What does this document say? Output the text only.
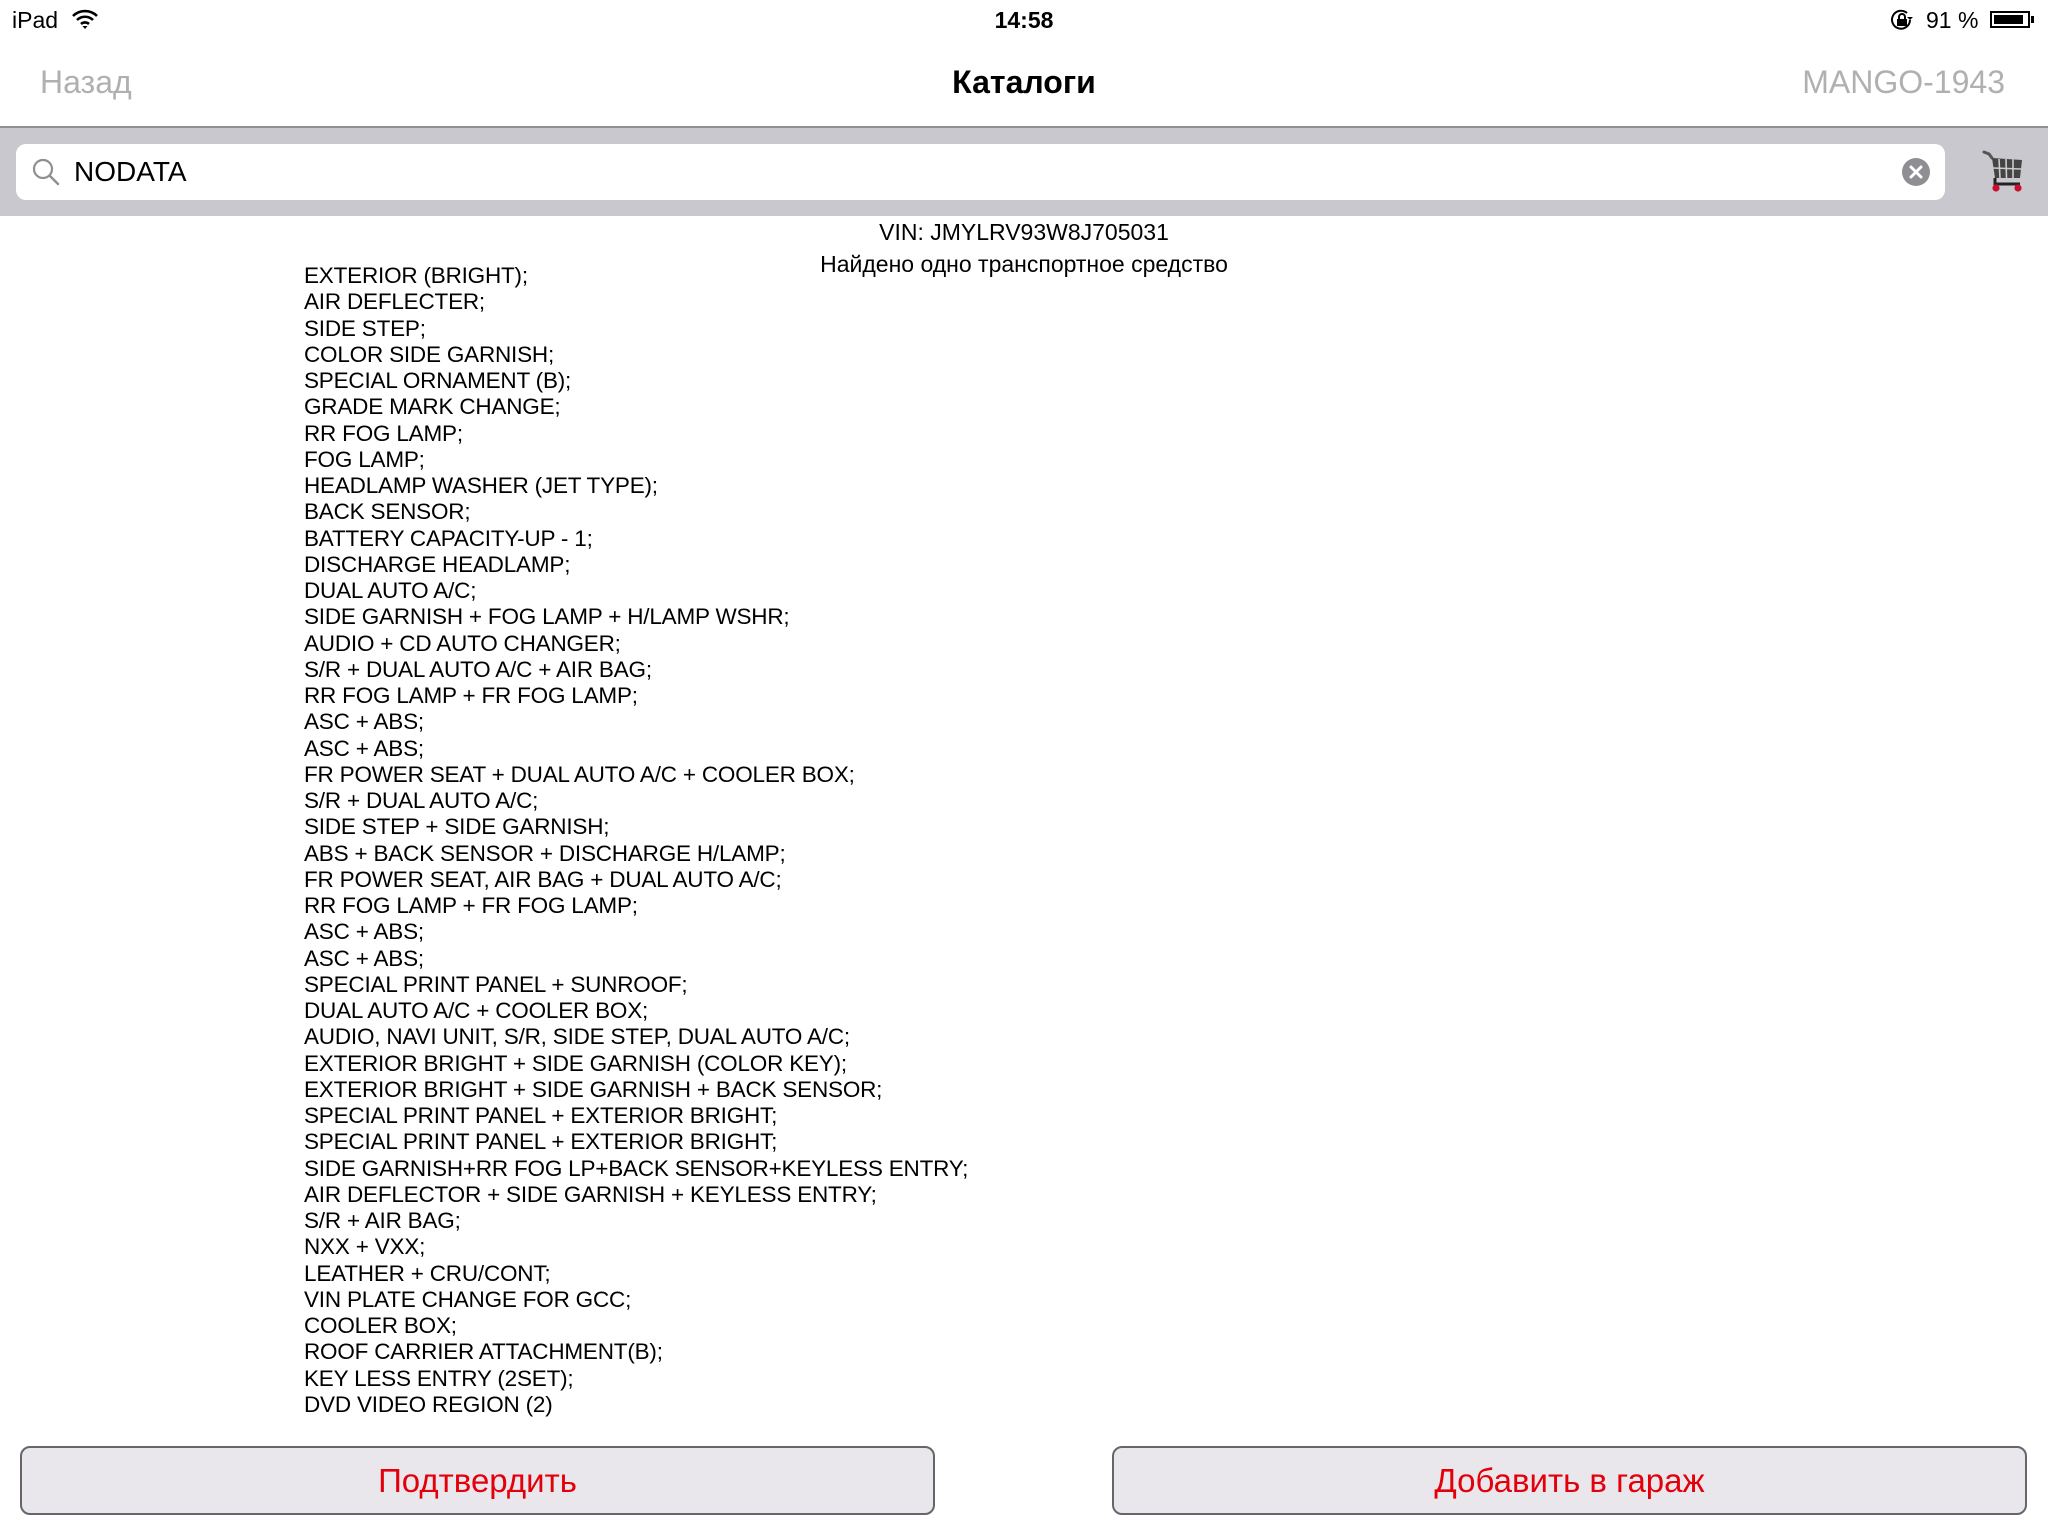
iPad	14:58	91 %
Назад	Каталоги	MANGO-1943
NODATA
VIN: JMYLRV93W8J705031
Найдено одно транспортное средство
EXTERIOR (BRIGHT);
AIR DEFLECTER;
SIDE STEP;
COLOR SIDE GARNISH;
SPECIAL ORNAMENT (B);
GRADE MARK CHANGE;
RR FOG LAMP;
FOG LAMP;
HEADLAMP WASHER (JET TYPE);
BACK SENSOR;
BATTERY CAPACITY-UP - 1;
DISCHARGE HEADLAMP;
DUAL AUTO A/C;
SIDE GARNISH + FOG LAMP + H/LAMP WSHR;
AUDIO + CD AUTO CHANGER;
S/R + DUAL AUTO A/C + AIR BAG;
RR FOG LAMP + FR FOG LAMP;
ASC + ABS;
ASC + ABS;
FR POWER SEAT + DUAL AUTO A/C + COOLER BOX;
S/R + DUAL AUTO A/C;
SIDE STEP + SIDE GARNISH;
ABS + BACK SENSOR + DISCHARGE H/LAMP;
FR POWER SEAT, AIR BAG + DUAL AUTO A/C;
RR FOG LAMP + FR FOG LAMP;
ASC + ABS;
ASC + ABS;
SPECIAL PRINT PANEL + SUNROOF;
DUAL AUTO A/C + COOLER BOX;
AUDIO, NAVI UNIT, S/R, SIDE STEP, DUAL AUTO A/C;
EXTERIOR BRIGHT + SIDE GARNISH (COLOR KEY);
EXTERIOR BRIGHT + SIDE GARNISH + BACK SENSOR;
SPECIAL PRINT PANEL + EXTERIOR BRIGHT;
SPECIAL PRINT PANEL + EXTERIOR BRIGHT;
SIDE GARNISH+RR FOG LP+BACK SENSOR+KEYLESS ENTRY;
AIR DEFLECTOR + SIDE GARNISH + KEYLESS ENTRY;
S/R + AIR BAG;
NXX + VXX;
LEATHER + CRU/CONT;
VIN PLATE CHANGE FOR GCC;
COOLER BOX;
ROOF CARRIER ATTACHMENT(B);
KEY LESS ENTRY (2SET);
DVD VIDEO REGION (2)
Подтвердить	Добавить в гараж
